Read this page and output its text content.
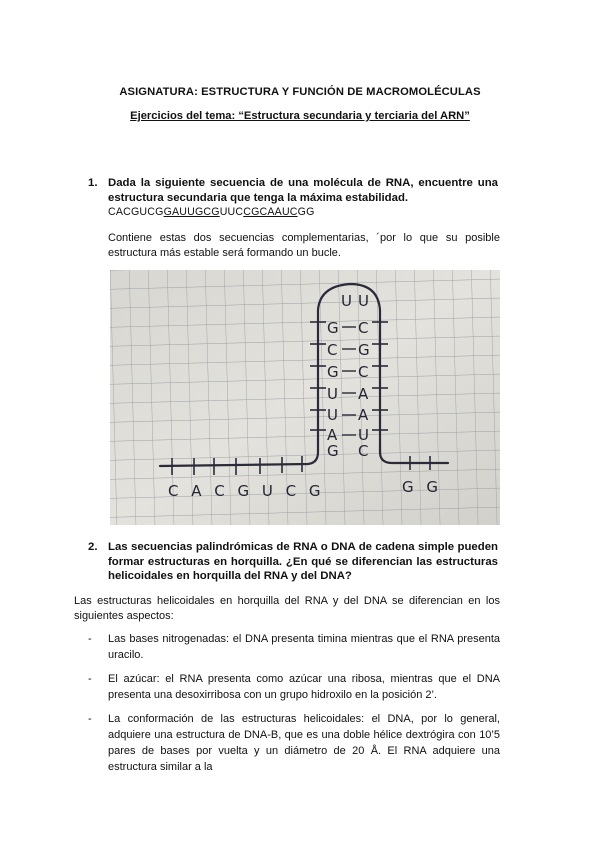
ASIGNATURA: ESTRUCTURA Y FUNCIÓN DE MACROMOLÉCULAS
Ejercicios del tema: “Estructura secundaria y terciaria del ARN”
1. Dada la siguiente secuencia de una molécula de RNA, encuentre una estructura secundaria que tenga la máxima estabilidad.
CACGUCGGAUUGCGUUCCGCAAUCGG
Contiene estas dos secuencias complementarias, ´por lo que su posible estructura más estable será formando un bucle.
U U
G
C
G
U
U
A
G
C
G
C
A
A
U
C
C A C G U C G	G G
2. Las secuencias palindrómicas de RNA o DNA de cadena simple pueden formar estructuras en horquilla. ¿En qué se diferencian las estructuras helicoidales en horquilla del RNA y del DNA?
Las estructuras helicoidales en horquilla del RNA y del DNA se diferencian en los siguientes aspectos:
- Las bases nitrogenadas: el DNA presenta timina mientras que el RNA presenta uracilo.
- El azúcar: el RNA presenta como azúcar una ribosa, mientras que el DNA presenta una desoxirribosa con un grupo hidroxilo en la posición 2’.
- La conformación de las estructuras helicoidales: el DNA, por lo general, adquiere una estructura de DNA-B, que es una doble hélice dextrógira con 10’5 pares de bases por vuelta y un diámetro de 20 Å. El RNA adquiere una estructura similar a la
